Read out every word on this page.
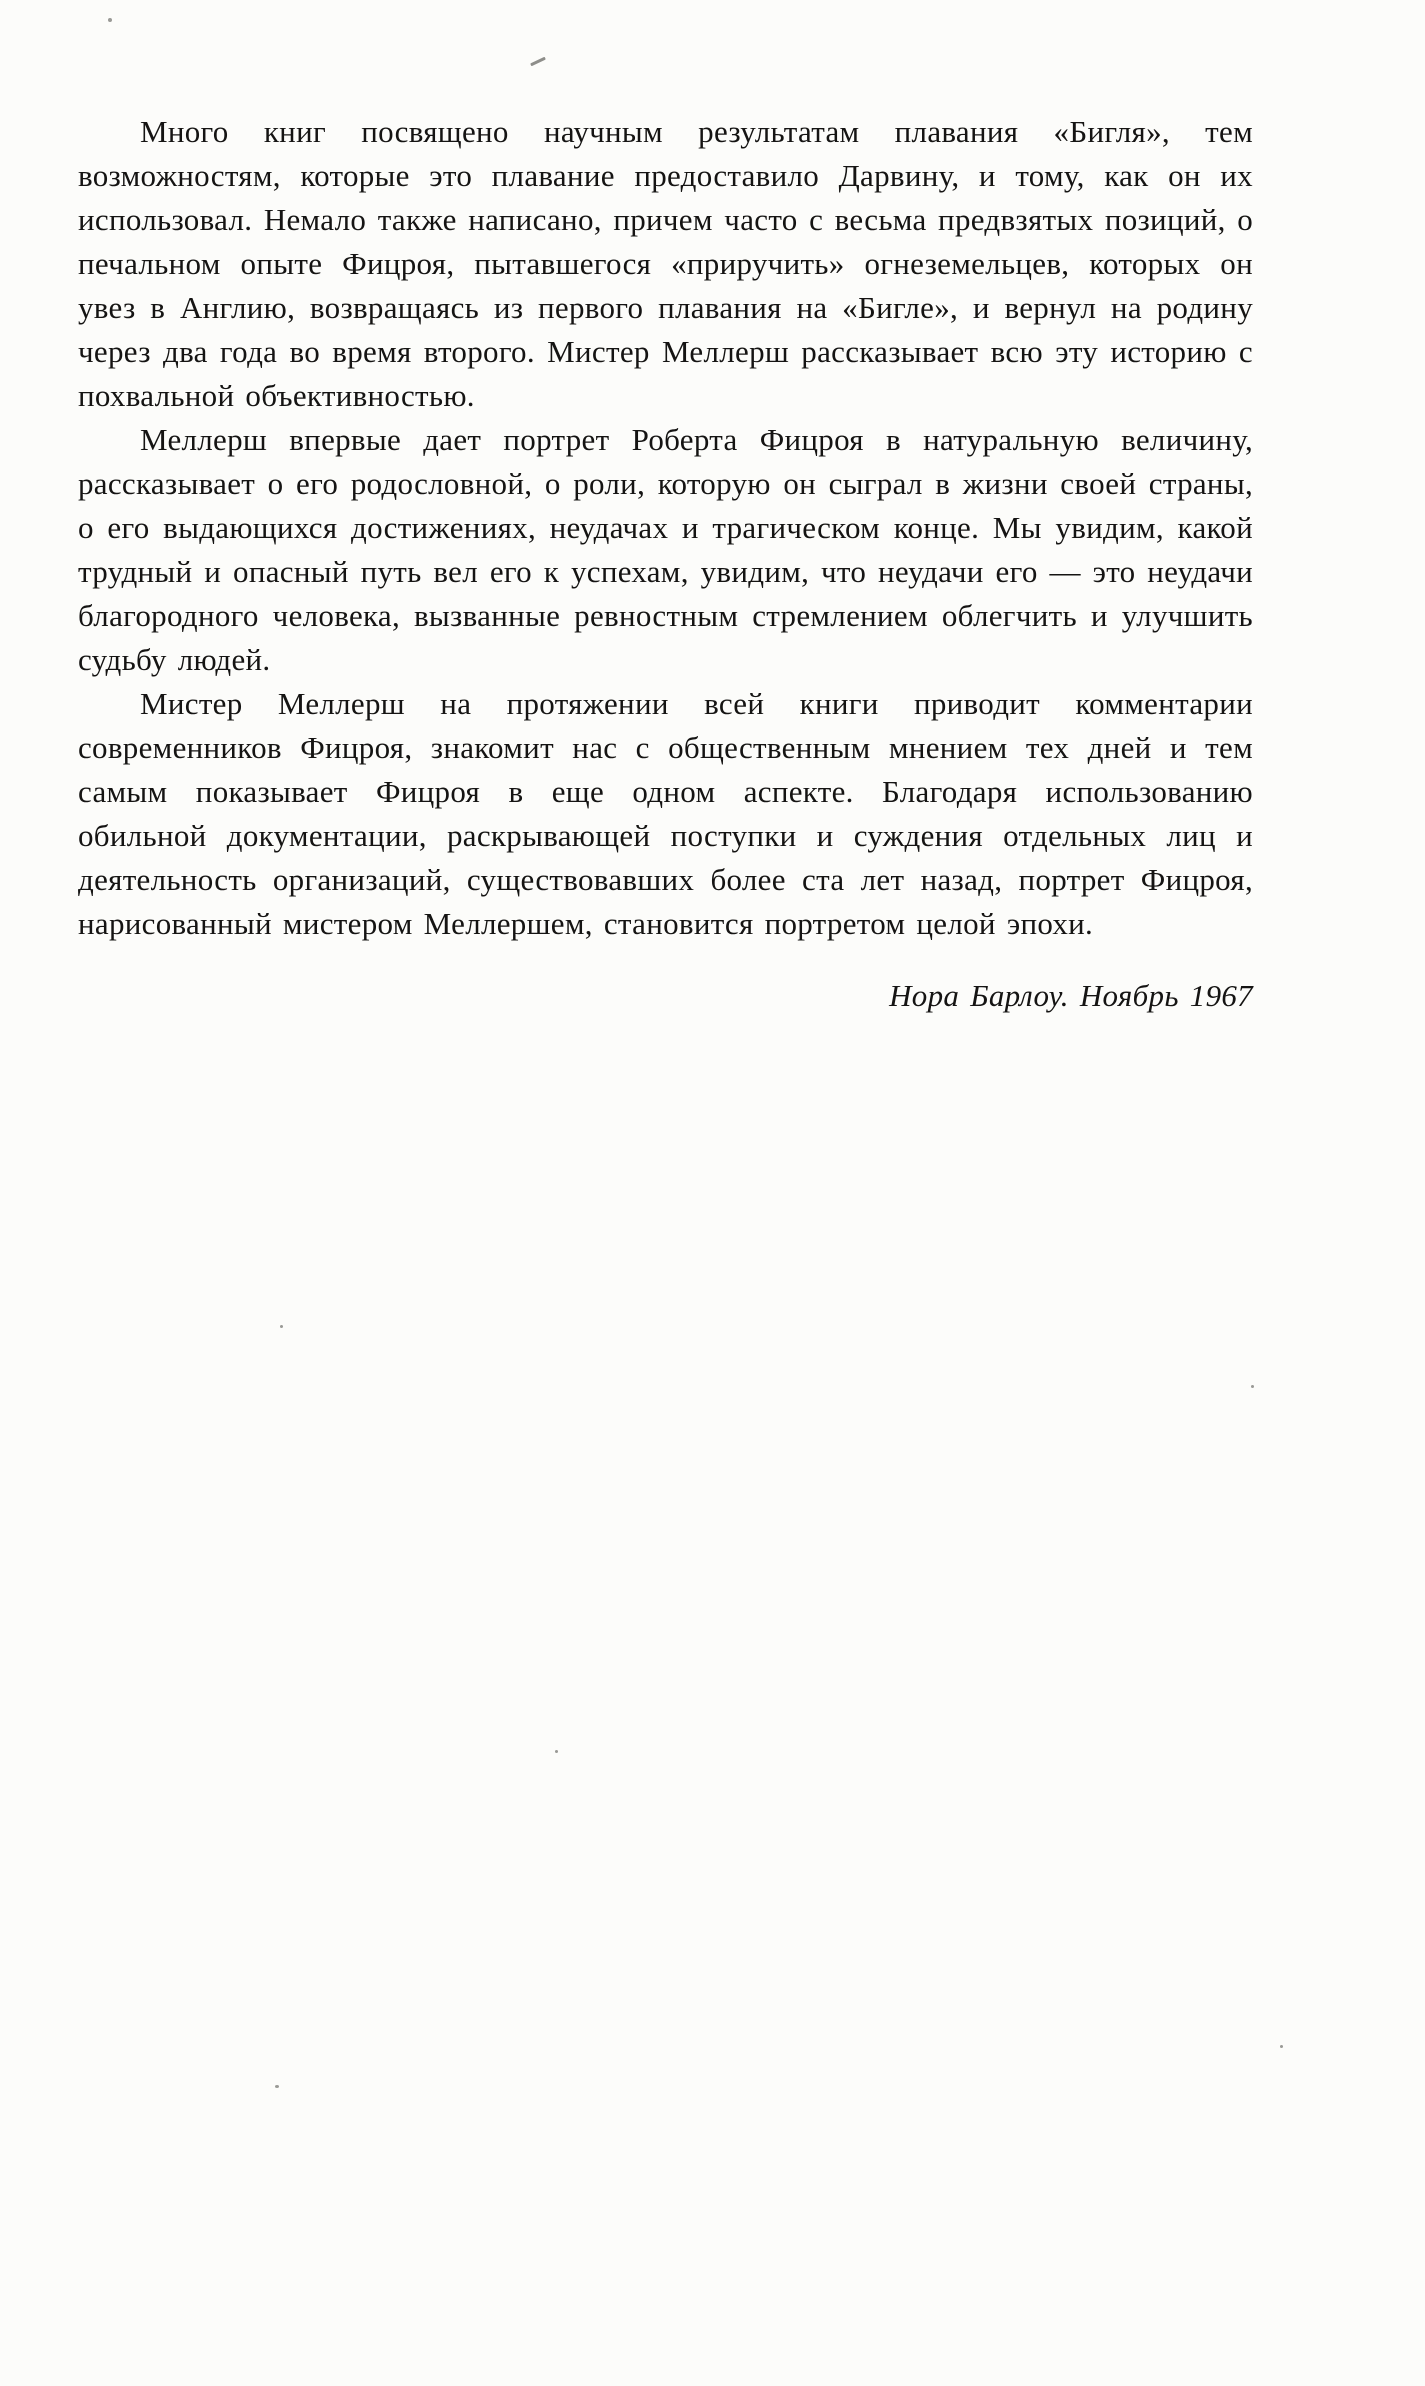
Много книг посвящено научным результатам плавания «Бигля», тем возможностям, которые это плавание предоставило Дарвину, и тому, как он их использовал. Немало также написано, причем часто с весьма предвзятых позиций, о печальном опыте Фицроя, пытавшегося «приручить» огнеземельцев, которых он увез в Англию, возвращаясь из первого плавания на «Бигле», и вернул на родину через два года во время второго. Мистер Меллерш рассказывает всю эту историю с похвальной объективностью.

Меллерш впервые дает портрет Роберта Фицроя в натуральную величину, рассказывает о его родословной, о роли, которую он сыграл в жизни своей страны, о его выдающихся достижениях, неудачах и трагическом конце. Мы увидим, какой трудный и опасный путь вел его к успехам, увидим, что неудачи его — это неудачи благородного человека, вызванные ревностным стремлением облегчить и улучшить судьбу людей.

Мистер Меллерш на протяжении всей книги приводит комментарии современников Фицроя, знакомит нас с общественным мнением тех дней и тем самым показывает Фицроя в еще одном аспекте. Благодаря использованию обильной документации, раскрывающей поступки и суждения отдельных лиц и деятельность организаций, существовавших более ста лет назад, портрет Фицроя, нарисованный мистером Меллершем, становится портретом целой эпохи.

Нора Барлоу. Ноябрь 1967
